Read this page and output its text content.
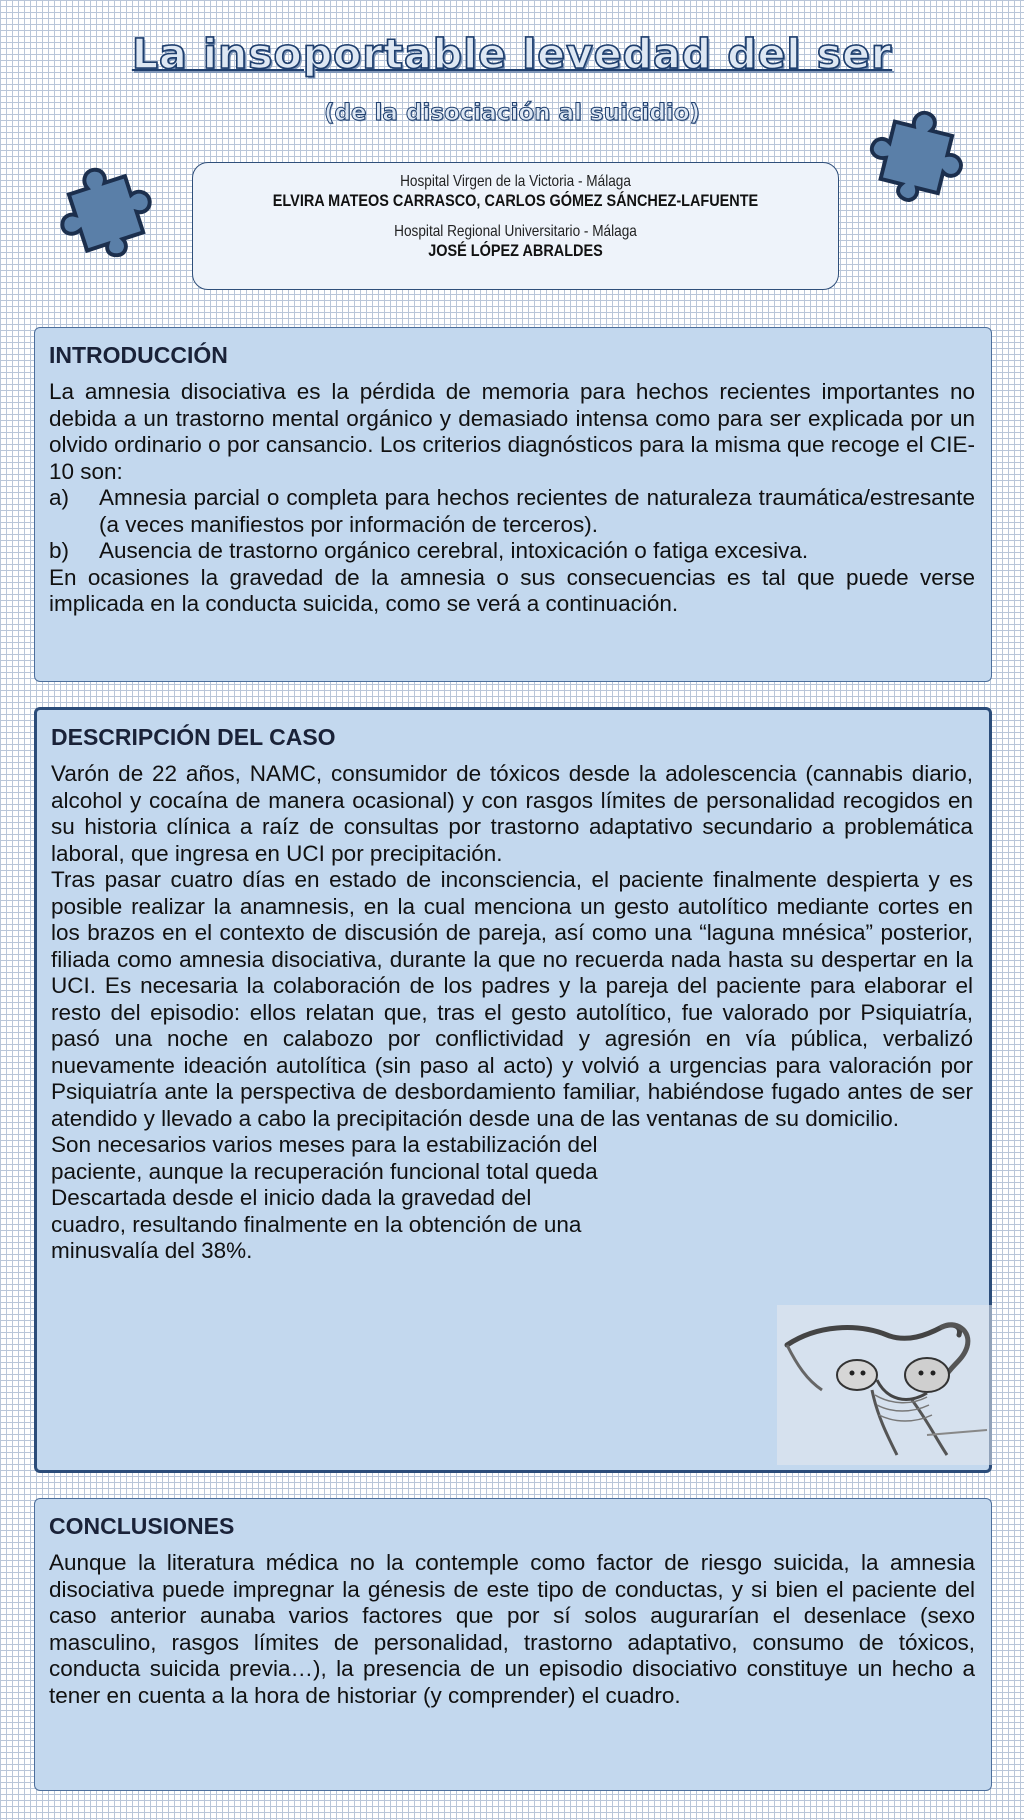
La insoportable levedad del ser
(de la disociación al suicidio)
Hospital Virgen de la Victoria - Málaga
ELVIRA MATEOS CARRASCO, CARLOS GÓMEZ SÁNCHEZ-LAFUENTE
Hospital Regional Universitario - Málaga
JOSÉ LÓPEZ ABRALDES
INTRODUCCIÓN

La amnesia disociativa es la pérdida de memoria para hechos recientes importantes no debida a un trastorno mental orgánico y demasiado intensa como para ser explicada por un olvido ordinario o por cansancio. Los criterios diagnósticos para la misma que recoge el CIE-10 son:

a)	Amnesia parcial o completa para hechos recientes de naturaleza traumática/estresante (a veces manifiestos por información de terceros).
b)	Ausencia de trastorno orgánico cerebral, intoxicación o fatiga excesiva.

En ocasiones la gravedad de la amnesia o sus consecuencias es tal que puede verse implicada en la conducta suicida, como se verá a continuación.

DESCRIPCIÓN DEL CASO

Varón de 22 años, NAMC, consumidor de tóxicos desde la adolescencia (cannabis diario, alcohol y cocaína de manera ocasional) y con rasgos límites de personalidad recogidos en su historia clínica a raíz de consultas por trastorno adaptativo secundario a problemática laboral, que ingresa en UCI por precipitación.

Tras pasar cuatro días en estado de inconsciencia, el paciente finalmente despierta y es posible realizar la anamnesis, en la cual menciona un gesto autolítico mediante cortes en los brazos en el contexto de discusión de pareja, así como una “laguna mnésica” posterior, filiada como amnesia disociativa, durante la que no recuerda nada hasta su despertar en la UCI. Es necesaria la colaboración de los padres y la pareja del paciente para elaborar el resto del episodio: ellos relatan que, tras el gesto autolítico, fue valorado por Psiquiatría, pasó una noche en calabozo por conflictividad y agresión en vía pública, verbalizó nuevamente ideación autolítica (sin paso al acto) y volvió a urgencias para valoración por Psiquiatría ante la perspectiva de desbordamiento familiar, habiéndose fugado antes de ser atendido y llevado a cabo la precipitación desde una de las ventanas de su domicilio.

Son necesarios varios meses para la estabilización del
paciente, aunque la recuperación funcional total queda
Descartada desde el inicio dada la gravedad del
cuadro, resultando finalmente en la obtención de una
minusvalía del 38%.
CONCLUSIONES

Aunque la literatura médica no la contemple como factor de riesgo suicida, la amnesia disociativa puede impregnar la génesis de este tipo de conductas, y si bien el paciente del caso anterior aunaba varios factores que por sí solos augurarían el desenlace (sexo masculino, rasgos límites de personalidad, trastorno adaptativo, consumo de tóxicos, conducta suicida previa…), la presencia de un episodio disociativo constituye un hecho a tener en cuenta a la hora de historiar (y comprender) el cuadro.
